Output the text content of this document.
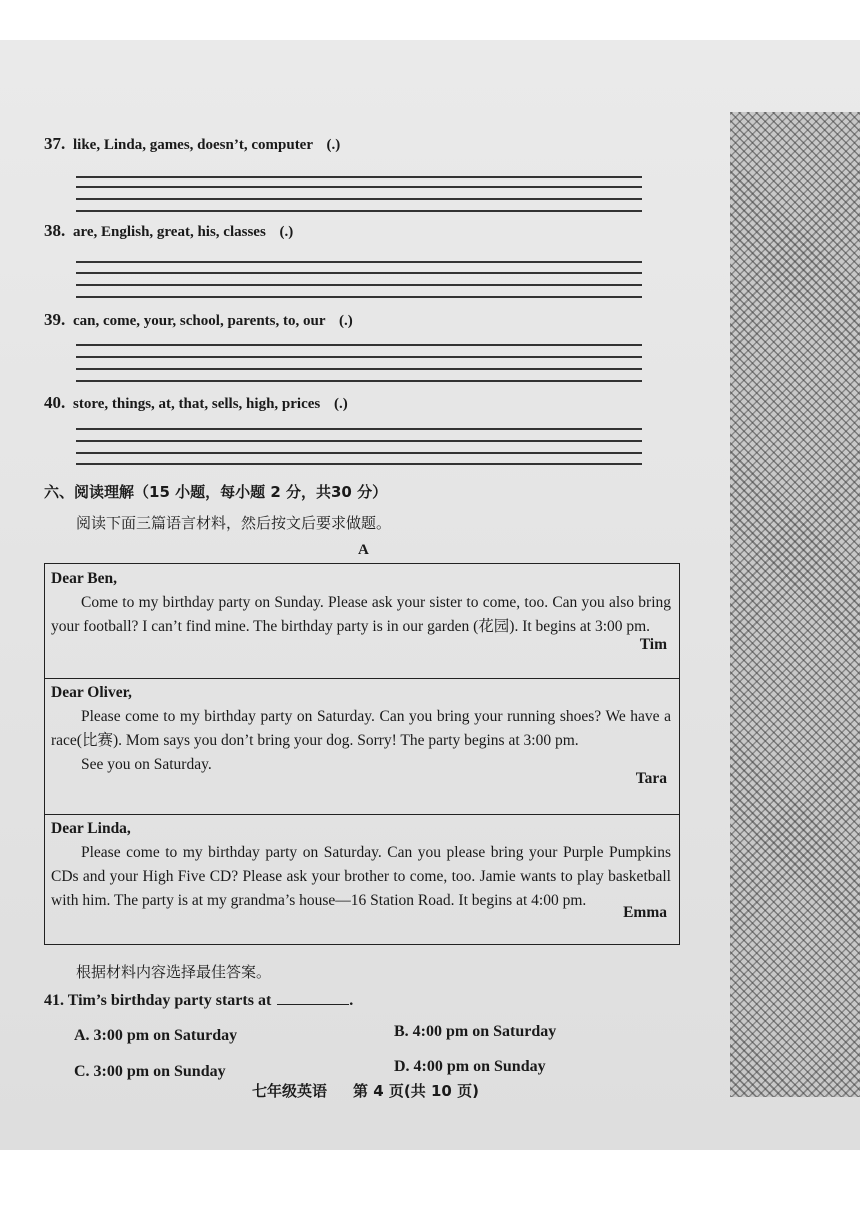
37. like, Linda, games, doesn’t, computer (.)
38. are, English, great, his, classes (.)
39. can, come, your, school, parents, to, our (.)
40. store, things, at, that, sells, high, prices (.)
六、阅读理解（15 小题，每小题 2 分，共30 分）
阅读下面三篇语言材料，然后按文后要求做题。
A

Dear Ben,

Come to my birthday party on Sunday. Please ask your sister to come, too. Can you also bring your football? I can’t find mine. The birthday party is in our garden (花园). It begins at 3:00 pm.

Tim

Dear Oliver,

Please come to my birthday party on Saturday. Can you bring your running shoes? We have a race(比赛). Mom says you don’t bring your dog. Sorry! The party begins at 3:00 pm.

See you on Saturday.

Tara

Dear Linda,

Please come to my birthday party on Saturday. Can you please bring your Purple Pumpkins CDs and your High Five CD? Please ask your brother to come, too. Jamie wants to play basketball with him. The party is at my grandma’s house—16 Station Road. It begins at 4:00 pm.

Emma

根据材料内容选择最佳答案。
41. Tim’s birthday party starts at	.
A. 3:00 pm on Saturday	B. 4:00 pm on Saturday
C. 3:00 pm on Sunday	D. 4:00 pm on Sunday
七年级英语 第 4 页(共 10 页)
